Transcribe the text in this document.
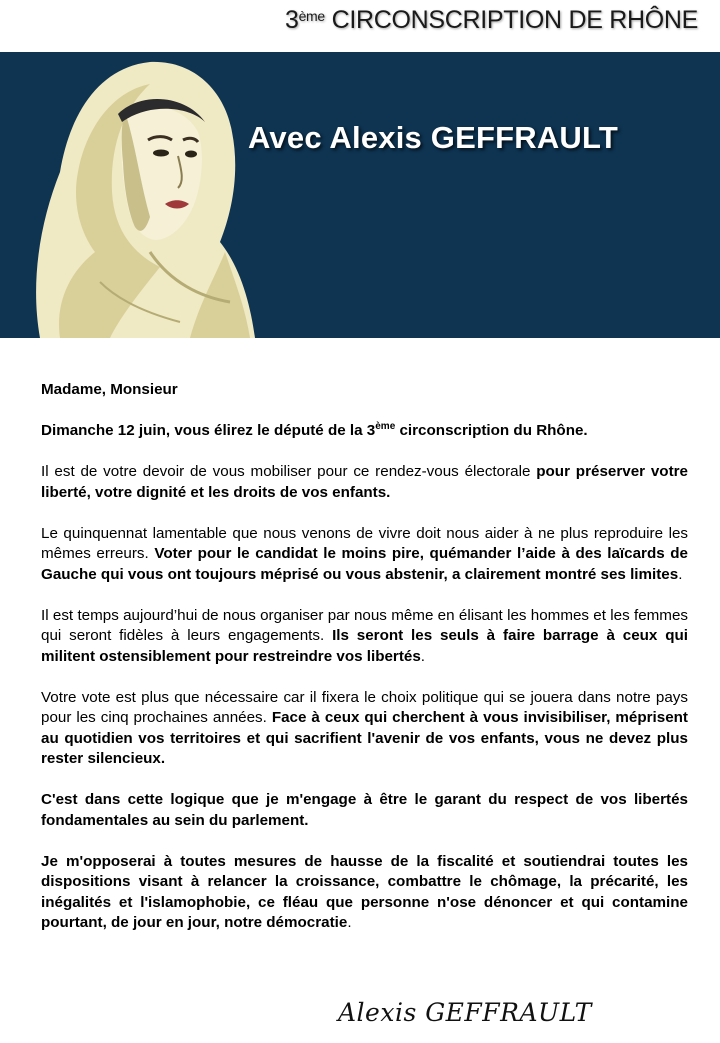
3ème CIRCONSCRIPTION DE RHÔNE
Avec Alexis GEFFRAULT

Madame, Monsieur

Dimanche 12 juin, vous élirez le député de la 3ème circonscription du Rhône.

Il est de votre devoir de vous mobiliser pour ce rendez-vous électorale pour préserver votre liberté, votre dignité et les droits de vos enfants.

Le quinquennat lamentable que nous venons de vivre doit nous aider à ne plus reproduire les mêmes erreurs. Voter pour le candidat le moins pire, quémander l’aide à des laïcards de Gauche qui vous ont toujours méprisé ou vous abstenir, a clairement montré ses limites.

Il est temps aujourd’hui de nous organiser par nous même en élisant les hommes et les femmes qui seront fidèles à leurs engagements. Ils seront les seuls à faire barrage à ceux qui militent ostensiblement pour restreindre vos libertés.

Votre vote est plus que nécessaire car il fixera le choix politique qui se jouera dans notre pays pour les cinq prochaines années. Face à ceux qui cherchent à vous invisibiliser, méprisent au quotidien vos territoires et qui sacrifient l'avenir de vos enfants, vous ne devez plus rester silencieux.

C'est dans cette logique que je m'engage à être le garant du respect de vos libertés fondamentales au sein du parlement.

Je m'opposerai à toutes mesures de hausse de la fiscalité et soutiendrai toutes les dispositions visant à relancer la croissance, combattre le chômage, la précarité, les inégalités et l'islamophobie, ce fléau que personne n'ose dénoncer et qui contamine pourtant, de jour en jour, notre démocratie.

Alexis GEFFRAULT
